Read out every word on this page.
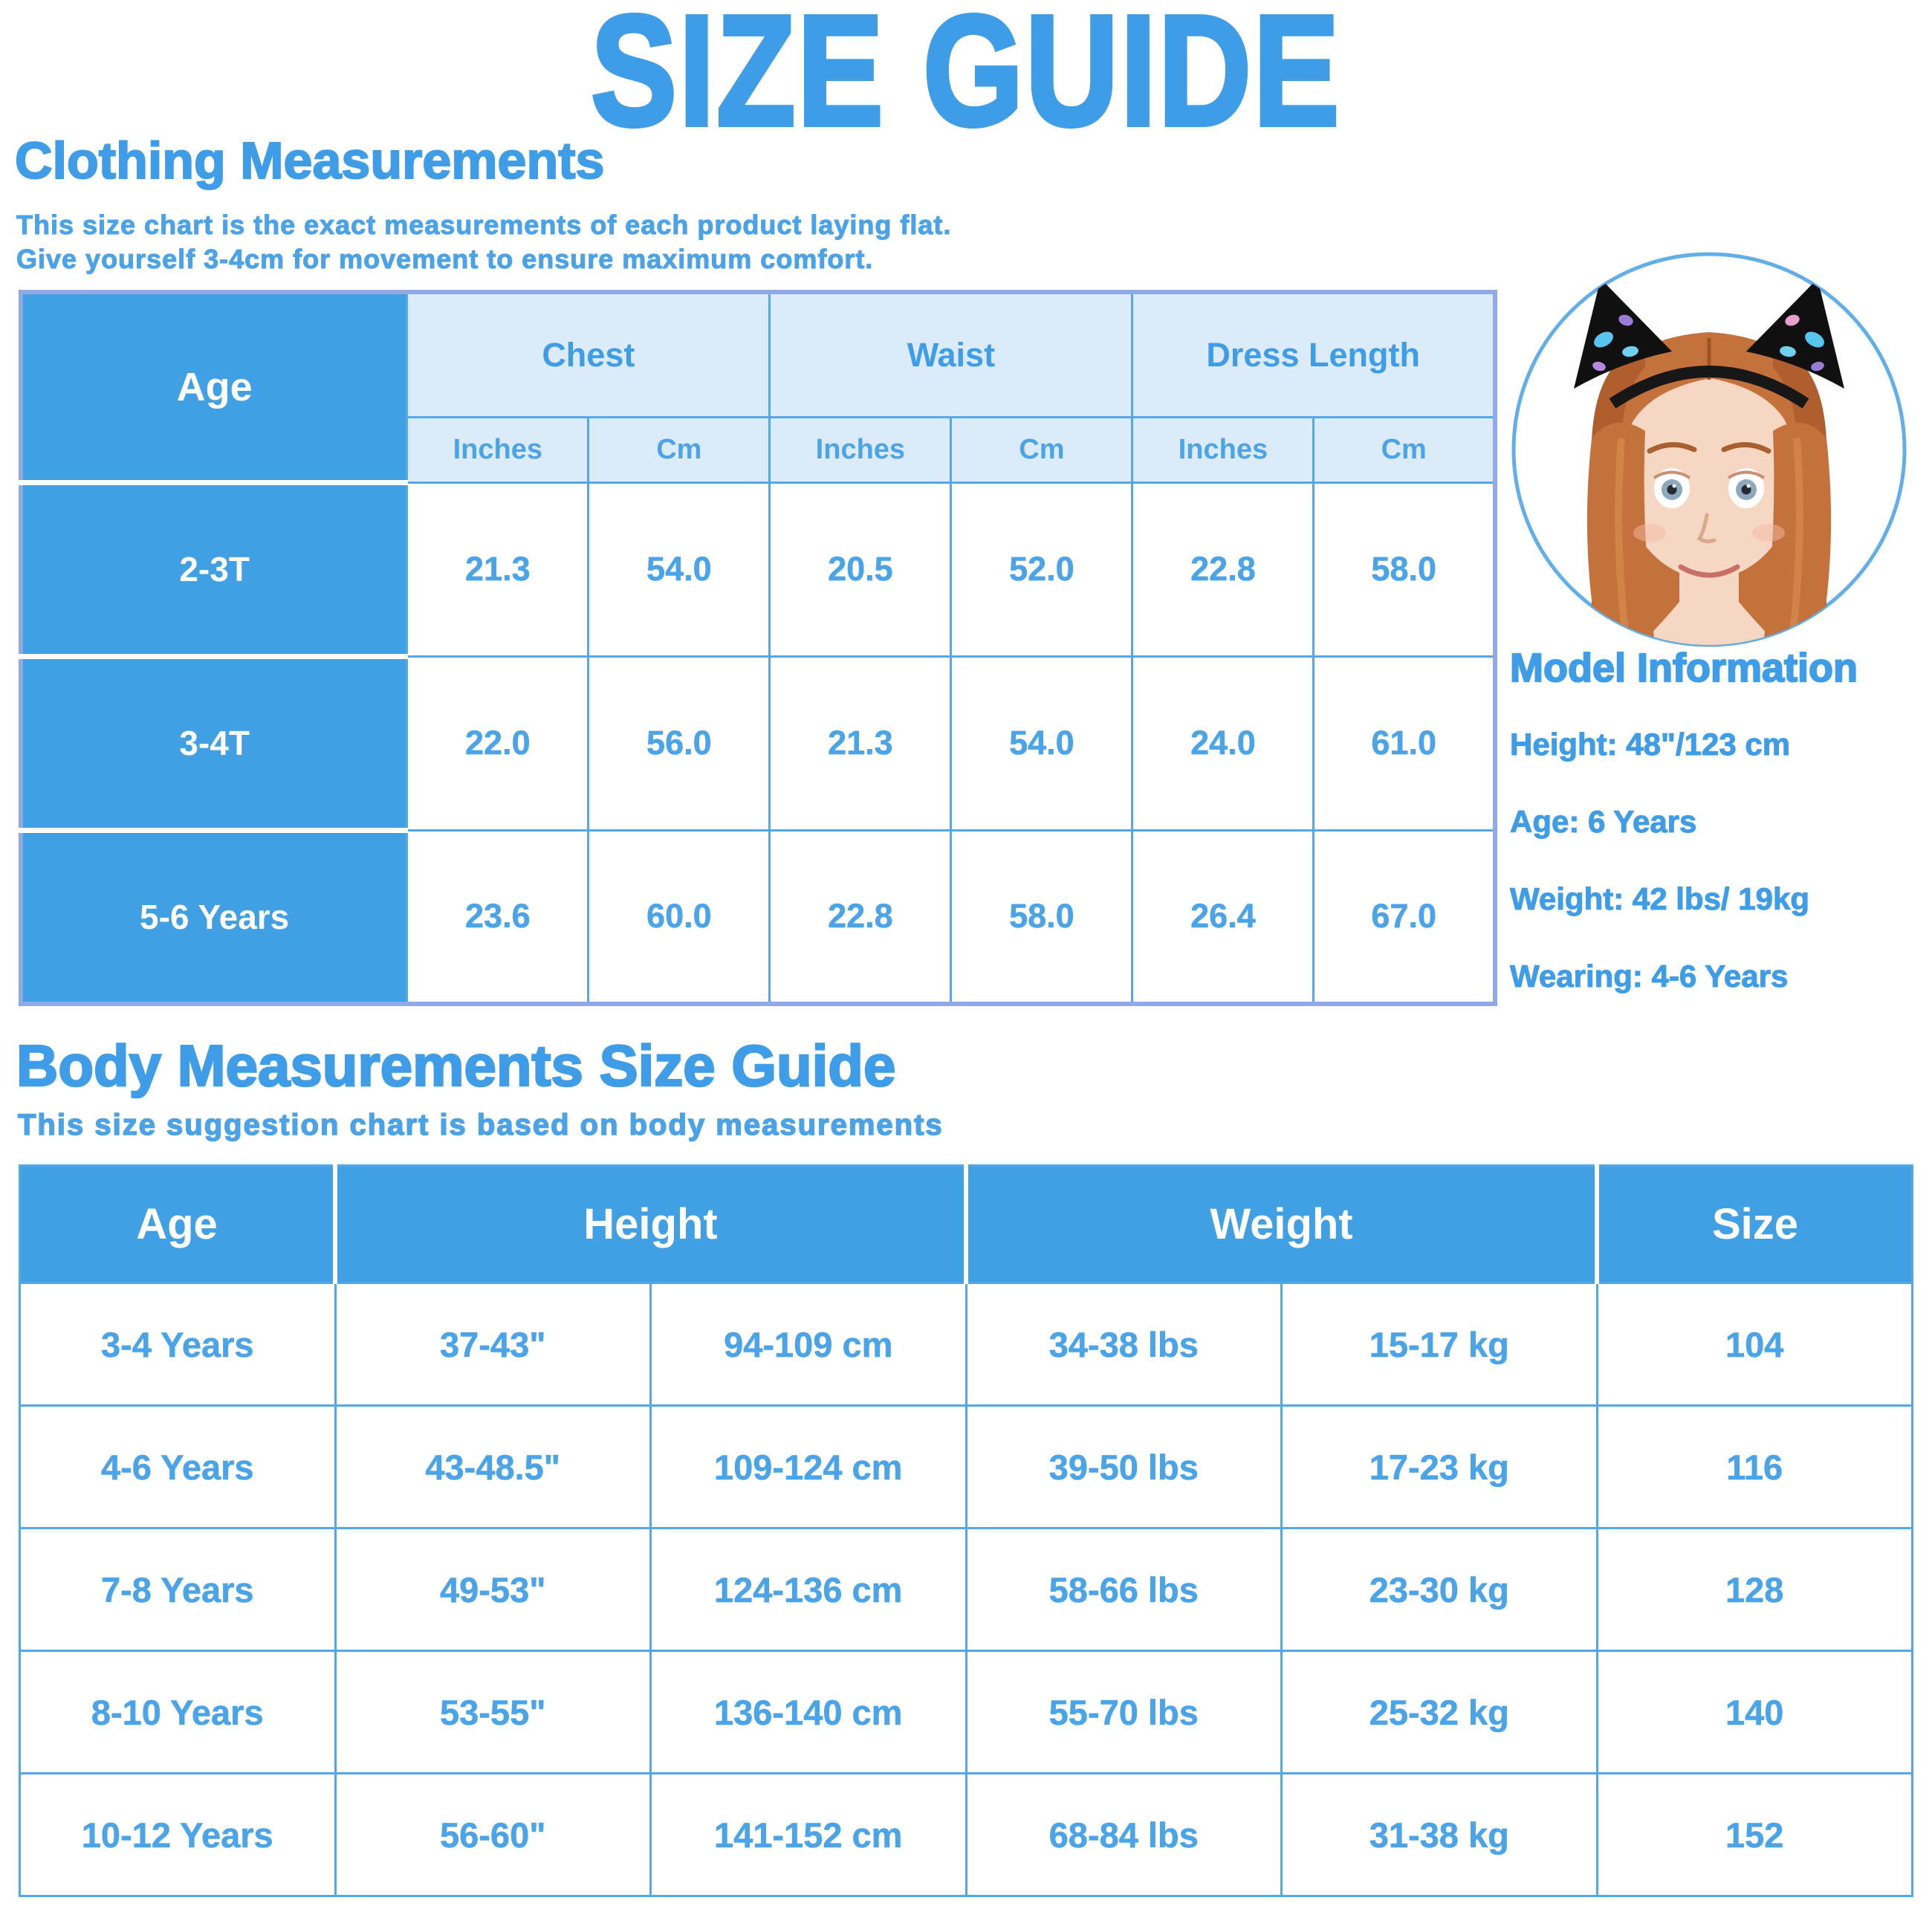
SIZE GUIDE
Clothing Measurements

This size chart is the exact measurements of each product laying flat.
Give yourself 3-4cm for movement to ensure maximum comfort.

Age	Chest		Waist		Dress Length	
	Inches	Cm	Inches	Cm	Inches	Cm
2-3T	21.3	54.0	20.5	52.0	22.8	58.0
3-4T	22.0	56.0	21.3	54.0	24.0	61.0
5-6 Years	23.6	60.0	22.8	58.0	26.4	67.0
Model Information

Height: 48"/123 cm

Age: 6 Years

Weight: 42 lbs/ 19kg

Wearing: 4-6 Years

Body Measurements Size Guide

This size suggestion chart is based on body measurements

Age	Height		Weight		Size
3-4 Years	37-43"	94-109 cm	34-38 lbs	15-17 kg	104
4-6 Years	43-48.5"	109-124 cm	39-50 lbs	17-23 kg	116
7-8 Years	49-53"	124-136 cm	58-66 lbs	23-30 kg	128
8-10 Years	53-55"	136-140 cm	55-70 lbs	25-32 kg	140
10-12 Years	56-60"	141-152 cm	68-84 lbs	31-38 kg	152
